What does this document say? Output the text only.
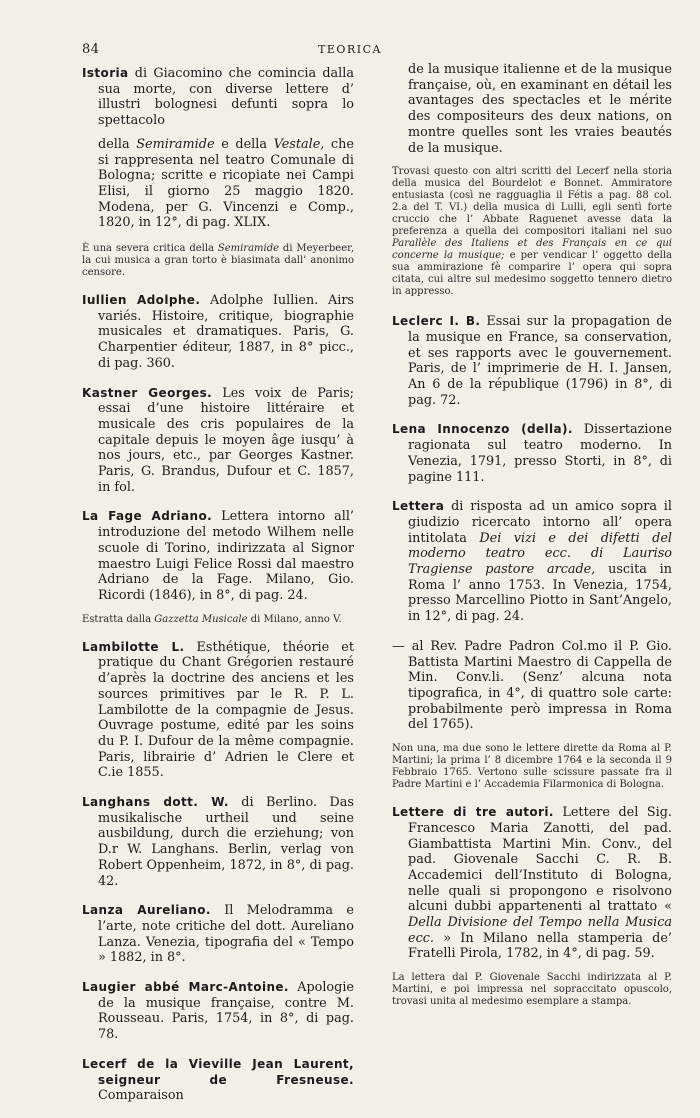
84	TEORICA

Istoria di Giacomino che comincia dalla sua morte, con diverse lettere d’ illustri bolognesi defunti sopra lo spettacolo

della Semiramide e della Vestale, che si rappresenta nel teatro Comunale di Bologna; scritte e ricopiate nei Campi Elisi, il giorno 25 maggio 1820. Modena, per G. Vincenzi e Comp., 1820, in 12°, di pag. XLIX.

È una severa critica della Semiramide di Meyerbeer, la cui musica a gran torto è biasimata dall’ anonimo censore.

Iullien Adolphe. Adolphe Iullien. Airs variés. Histoire, critique, biographie musicales et dramatiques. Paris, G. Charpentier éditeur, 1887, in 8° picc., di pag. 360.

Kastner Georges. Les voix de Paris; essai d’une histoire littéraire et musicale des cris populaires de la capitale depuis le moyen âge iusqu’ à nos jours, etc., par Georges Kastner. Paris, G. Brandus, Dufour et C. 1857, in fol.

La Fage Adriano. Lettera intorno all’ introduzione del metodo Wilhem nelle scuole di Torino, indirizzata al Signor maestro Luigi Felice Rossi dal maestro Adriano de la Fage. Milano, Gio. Ricordi (1846), in 8°, di pag. 24.

Estratta dalla Gazzetta Musicale di Milano, anno V.

Lambilotte L. Esthétique, théorie et pratique du Chant Grégorien restauré d’après la doctrine des anciens et les sources primitives par le R. P. L. Lambilotte de la compagnie de Jesus. Ouvrage postume, edité par les soins du P. I. Dufour de la même compagnie. Paris, librairie d’ Adrien le Clere et C.ie 1855.

Langhans dott. W. di Berlino. Das musikalische urtheil und seine ausbildung, durch die erziehung; von D.r W. Langhans. Berlin, verlag von Robert Oppenheim, 1872, in 8°, di pag. 42.

Lanza Aureliano. Il Melodramma e l’arte, note critiche del dott. Aureliano Lanza. Venezia, tipografia del « Tempo » 1882, in 8°.

Laugier abbé Marc-Antoine. Apologie de la musique française, contre M. Rousseau. Paris, 1754, in 8°, di pag. 78.

Lecerf de la Vieville Jean Laurent, seigneur de Fresneuse. Comparaison

de la musique italienne et de la musique française, où, en examinant en détail les avantages des spectacles et le mérite des compositeurs des deux nations, on montre quelles sont les vraies beautés de la musique.

Trovasi questo con altri scritti del Lecerf nella storia della musica del Bourdelot e Bonnet. Ammiratore entusiasta (così ne ragguaglia il Fétis a pag. 88 col. 2.a del T. VI.) della musica di Lulli, egli sentì forte cruccio che l’ Abbate Raguenet avesse data la preferenza a quella dei compositori italiani nel suo Parallèle des Italiens et des Français en ce qui concerne la musique; e per vendicar l’ oggetto della sua ammirazione fè comparire l’ opera qui sopra citata, cui altre sul medesimo soggetto tennero dietro in appresso.

Leclerc I. B. Essai sur la propagation de la musique en France, sa conservation, et ses rapports avec le gouvernement. Paris, de l’ imprimerie de H. I. Jansen, An 6 de la république (1796) in 8°, di pag. 72.

Lena Innocenzo (della). Dissertazione ragionata sul teatro moderno. In Venezia, 1791, presso Storti, in 8°, di pagine 111.

Lettera di risposta ad un amico sopra il giudizio ricercato intorno all’ opera intitolata Dei vizi e dei difetti del moderno teatro ecc. di Lauriso Tragiense pastore arcade, uscita in Roma l’ anno 1753. In Venezia, 1754, presso Marcellino Piotto in Sant’Angelo, in 12°, di pag. 24.

— al Rev. Padre Padron Col.mo il P. Gio. Battista Martini Maestro di Cappella de Min. Conv.li. (Senz’ alcuna nota tipografica, in 4°, di quattro sole carte: probabilmente però impressa in Roma del 1765).

Non una, ma due sono le lettere dirette da Roma al P. Martini; la prima l’ 8 dicembre 1764 e la seconda il 9 Febbraio 1765. Vertono sulle scissure passate fra il Padre Martini e l’ Accademia Filarmonica di Bologna.

Lettere di tre autori. Lettere del Sig. Francesco Maria Zanotti, del pad. Giambattista Martini Min. Conv., del pad. Giovenale Sacchi C. R. B. Accademici dell’Instituto di Bologna, nelle quali si propongono e risolvono alcuni dubbi appartenenti al trattato « Della Divisione del Tempo nella Musica ecc. » In Milano nella stamperia de’ Fratelli Pirola, 1782, in 4°, di pag. 59.

La lettera dal P. Giovenale Sacchi indirizzata al P. Martini, e poi impressa nel sopraccitato opuscolo, trovasi unita al medesimo esemplare a stampa.
